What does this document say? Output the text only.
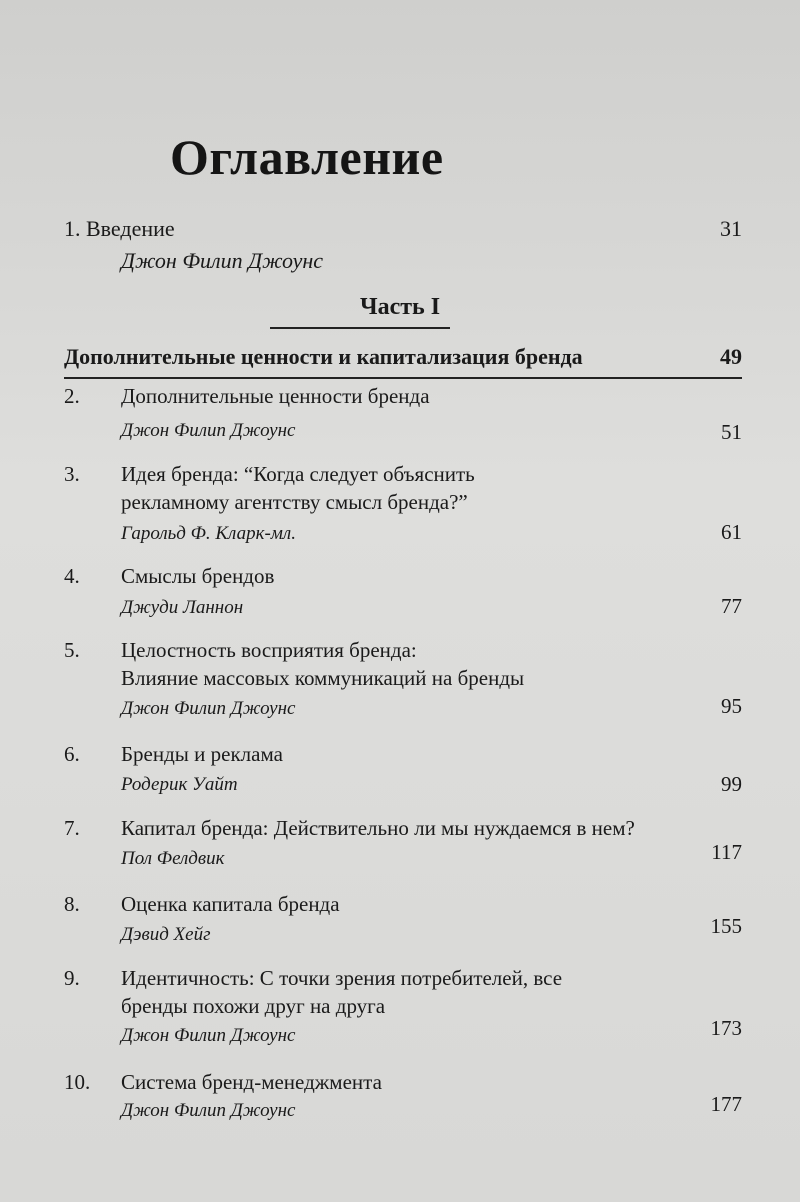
Оглавление
1. Введение	31
Джон Филип Джоунс
Часть I
Дополнительные ценности и капитализация бренда	49
2. Дополнительные ценности бренда
Джон Филип Джоунс	51
3. Идея бренда: “Когда следует объяснить
рекламному агентству смысл бренда?”
Гарольд Ф. Кларк-мл.	61
4. Смыслы брендов
Джуди Ланнон	77
5. Целостность восприятия бренда:
Влияние массовых коммуникаций на бренды
Джон Филип Джоунс	95
6. Бренды и реклама
Родерик Уайт	99
7. Капитал бренда: Действительно ли мы нуждаемся в нем?
Пол Фелдвик	117
8. Оценка капитала бренда
Дэвид Хейг	155
9. Идентичность: С точки зрения потребителей, все
бренды похожи друг на друга
Джон Филип Джоунс	173
10. Система бренд-менеджмента
Джон Филип Джоунс	177
